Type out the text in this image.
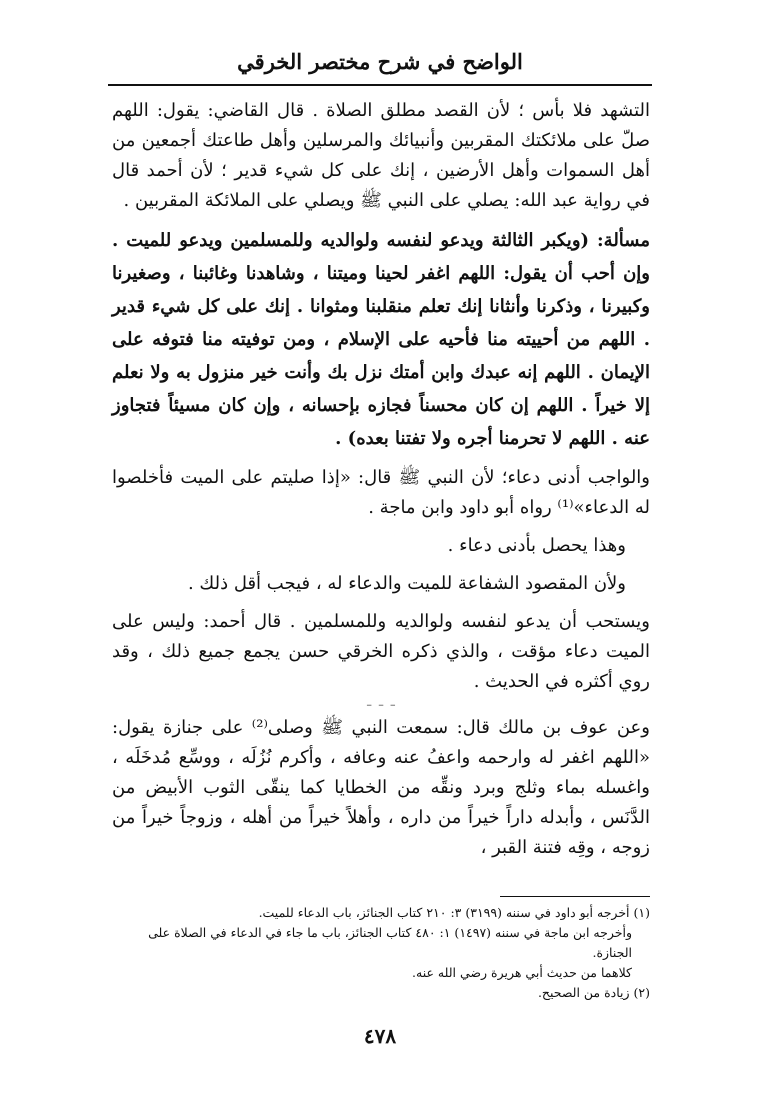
الواضح في شرح مختصر الخرقي

التشهد فلا بأس ؛ لأن القصد مطلق الصلاة . قال القاضي: يقول: اللهم صلّ على ملائكتك المقربين وأنبيائك والمرسلين وأهل طاعتك أجمعين من أهل السموات وأهل الأرضين ، إنك على كل شيء قدير ؛ لأن أحمد قال في رواية عبد الله: يصلي على النبي ﷺ ويصلي على الملائكة المقربين .

مسألة: (ويكبر الثالثة ويدعو لنفسه ولوالديه وللمسلمين ويدعو للميت . وإن أحب أن يقول: اللهم اغفر لحينا وميتنا ، وشاهدنا وغائبنا ، وصغيرنا وكبيرنا ، وذكرنا وأنثانا إنك تعلم منقلبنا ومثوانا . إنك على كل شيء قدير . اللهم من أحييته منا فأحيه على الإسلام ، ومن توفيته منا فتوفه على الإيمان . اللهم إنه عبدك وابن أمتك نزل بك وأنت خير منزول به ولا نعلم إلا خيراً . اللهم إن كان محسناً فجازه بإحسانه ، وإن كان مسيئاً فتجاوز عنه . اللهم لا تحرمنا أجره ولا تفتنا بعده) .

والواجب أدنى دعاء؛ لأن النبي ﷺ قال: «إذا صليتم على الميت فأخلصوا له الدعاء»⁽¹⁾ رواه أبو داود وابن ماجة .

وهذا يحصل بأدنى دعاء .

ولأن المقصود الشفاعة للميت والدعاء له ، فيجب أقل ذلك .

ويستحب أن يدعو لنفسه ولوالديه وللمسلمين . قال أحمد: وليس على الميت دعاء مؤقت ، والذي ذكره الخرقي حسن يجمع جميع ذلك ، وقد روي أكثره في الحديث .

- - -

وعن عوف بن مالك قال: سمعت النبي ﷺ وصلى⁽²⁾ على جنازة يقول: «اللهم اغفر له وارحمه واعفُ عنه وعافه ، وأكرم نُزُلَه ، ووسِّع مُدخَلَه ، واغسله بماء وثلج وبرد ونقِّه من الخطايا كما ينقّى الثوب الأبيض من الدَّنَس ، وأبدله داراً خيراً من داره ، وأهلاً خيراً من أهله ، وزوجاً خيراً من زوجه ، وقِه فتنة القبر ،

(١) أخرجه أبو داود في سننه (٣١٩٩) ٣: ٢١٠ كتاب الجنائز، باب الدعاء للميت.
وأخرجه ابن ماجة في سننه (١٤٩٧) ١: ٤٨٠ كتاب الجنائز، باب ما جاء في الدعاء في الصلاة على الجنازة.
كلاهما من حديث أبي هريرة رضي الله عنه.
(٢) زيادة من الصحيح.
٤٧٨
